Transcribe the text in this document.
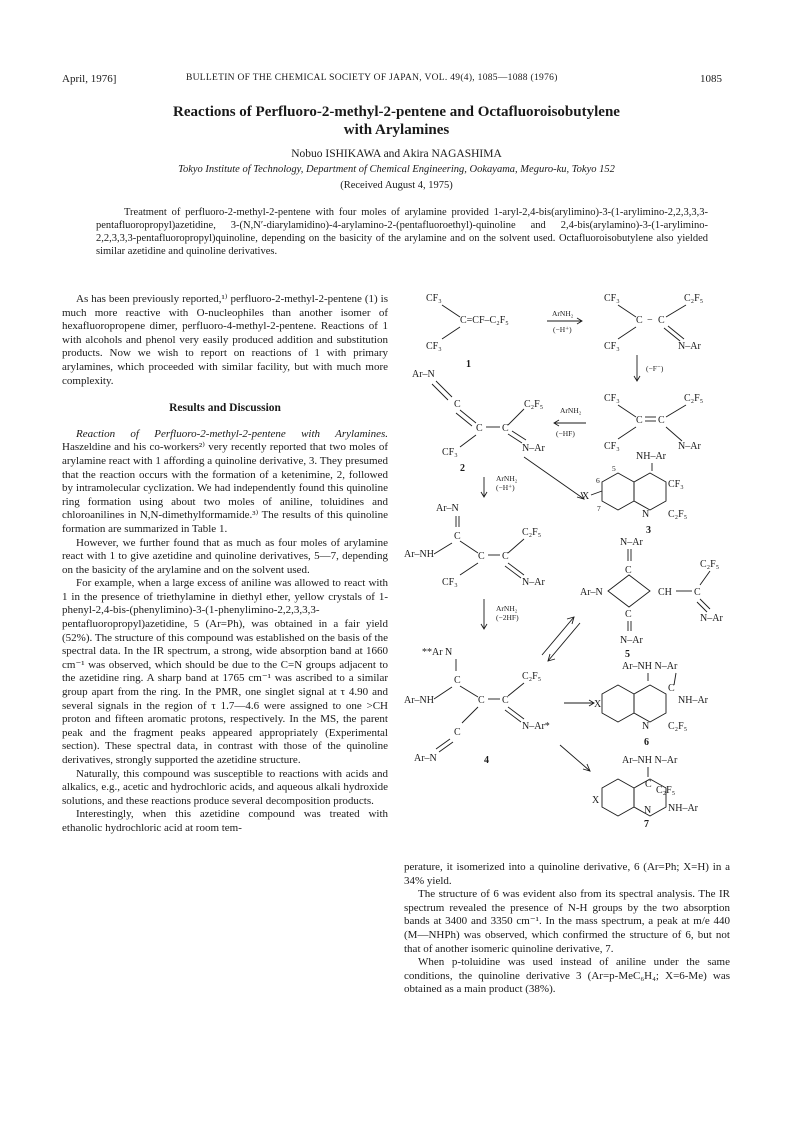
April, 1976]	BULLETIN OF THE CHEMICAL SOCIETY OF JAPAN, VOL. 49(4), 1085—1088 (1976)	1085
Reactions of Perfluoro-2-methyl-2-pentene and Octafluoroisobutylene
with Arylamines
Nobuo ISHIKAWA and Akira NAGASHIMA
Tokyo Institute of Technology, Department of Chemical Engineering, Ookayama, Meguro-ku, Tokyo 152
(Received August 4, 1975)

Treatment of perfluoro-2-methyl-2-pentene with four moles of arylamine provided 1-aryl-2,4-bis(arylimino)-3-(1-arylimino-2,2,3,3,3-pentafluoropropyl)azetidine, 3-(N,N′-diarylamidino)-4-arylamino-2-(pentafluoroethyl)-quinoline and 2,4-bis(arylamino)-3-(1-arylimino-2,2,3,3,3-pentafluoropropyl)quinoline, depending on the basicity of the arylamine and on the solvent used. Octafluoroisobutylene also yielded similar azetidine and quinoline derivatives.

As has been previously reported,¹⁾ perfluoro-2-methyl-2-pentene (1) is much more reactive with O-nucleophiles than another isomer of hexafluoropropene dimer, perfluoro-4-methyl-2-pentene. Reactions of 1 with alcohols and phenol very easily produced addition and substitution products. Now we wish to report on reactions of 1 with primary arylamines, which proceeded with similar facility, but with much more complexity.

Results and Discussion

Reaction of Perfluoro-2-methyl-2-pentene with Arylamines. Haszeldine and his co-workers²⁾ very recently reported that two moles of arylamine react with 1 affording a quinoline derivative, 3. They presumed that the reaction occurs with the formation of a ketenimine, 2, followed by intramolecular cyclization. We had independently found this quinoline ring formation using about two moles of aniline, toluidines and chloroanilines in N,N-dimethylformamide.³⁾ The results of this quinoline formation are summarized in Table 1.

However, we further found that as much as four moles of arylamine react with 1 to give azetidine and quinoline derivatives, 5—7, depending on the basicity of the arylamine and on the solvent used.

For example, when a large excess of aniline was allowed to react with 1 in the presence of triethylamine in diethyl ether, yellow crystals of 1-phenyl-2,4-bis-(phenylimino)-3-(1-phenylimino-2,2,3,3,3-pentafluoropropyl)azetidine, 5 (Ar=Ph), was obtained in a fair yield (52%). The structure of this compound was established on the basis of the spectral data. In the IR spectrum, a strong, wide absorption band at 1660 cm⁻¹ was observed, which should be due to the C=N groups adjacent to the azetidine ring. A sharp band at 1765 cm⁻¹ was ascribed to a similar group apart from the ring. In the PMR, one singlet signal at τ 4.90 and several signals in the region of τ 1.7—4.6 were assigned to one >CH proton and fifteen aromatic protons, respectively. In the MS, the parent peak and the fragment peaks appeared appropriately (Experimental section). These spectral data, in contrast with those of the quinoline derivatives, strongly supported the azetidine structure.

Naturally, this compound was susceptible to reactions with acids and alkalics, e.g., acetic and hydrochloric acids, and aqueous alkali hydroxide solutions, and these reactions produce several decomposition products.

Interestingly, when this azetidine compound was treated with ethanolic hydrochloric acid at room tem-

perature, it isomerized into a quinoline derivative, 6 (Ar=Ph; X=H) in a 34% yield.

The structure of 6 was evident also from its spectral analysis. The IR spectrum revealed the presence of N-H groups by the two absorption bands at 3400 and 3350 cm⁻¹. In the mass spectrum, a peak at m/e 440 (M—NHPh) was observed, which confirmed the structure of 6, but not that of another isomeric quinoline derivative, 7.

When p-toluidine was used instead of aniline under the same conditions, the quinoline derivative 3 (Ar=p-MeC₆H₄; X=6-Me) was obtained as a main product (38%).

CF₃
C=CF–C₂F₅
CF₃
1
ArNH₂
(−H⁺)
CF₃	C₂F₅
C − C
CF₃	N–Ar
(−F⁻)
Ar–N
C
C C
C₂F₅
N–Ar
CF₃
2
ArNH₂
(−HF)
CF₃	C₂F₅
C C
CF₃	N–Ar
NH–Ar
5
6
7
X
CF₃
N C₂F₅
3
ArNH₂
(−H⁺)
Ar–N
C
Ar–NH	C C
C₂F₅
N–Ar
CF₃
ArNH₂
(−2HF)
N–Ar
C
Ar–N	CH C
C₂F₅
N–Ar
C
N–Ar
5
**Ar N
C
Ar–NH	C C
C₂F₅
N–Ar*
C
Ar–N	4
Ar–NH N–Ar
X
C
NH–Ar
N C₂F₅
6
Ar–NH N–Ar
C
C₂F₅
X
N NH–Ar
7
